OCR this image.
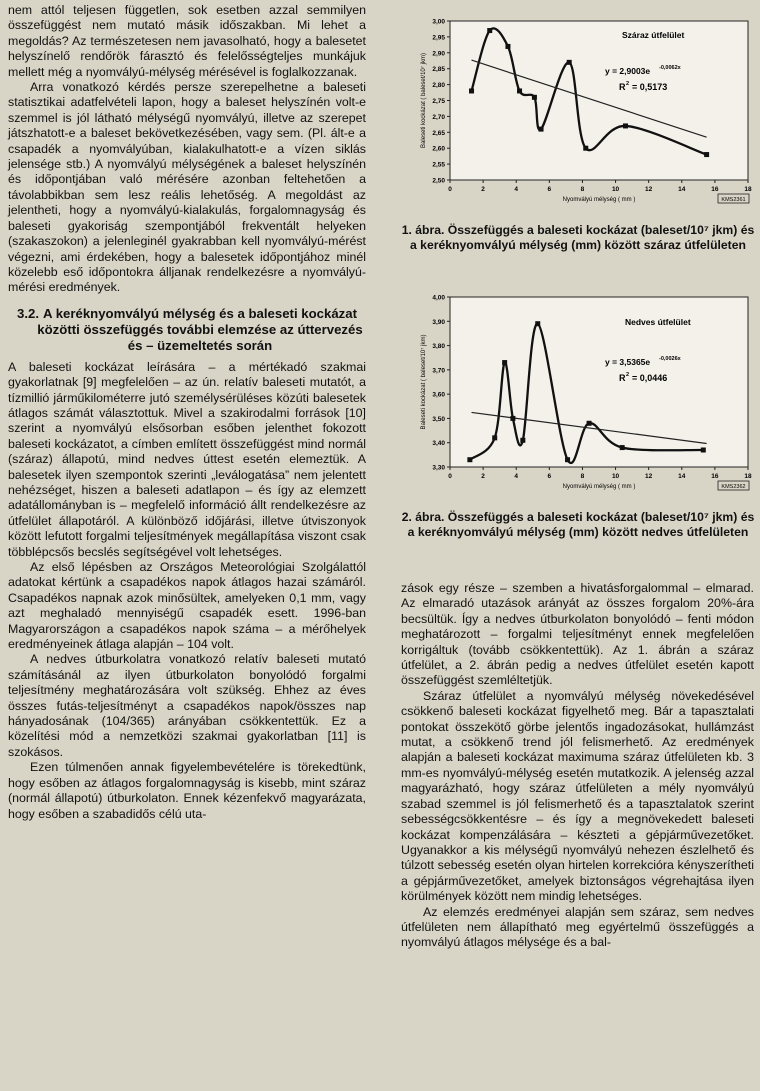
nem attól teljesen független, sok esetben azzal semmilyen összefüggést nem mutató másik időszakban. Mi lehet a megoldás? Az természetesen nem javasolható, hogy a balesetet helyszínelő rendőrök fárasztó és felelősségteljes munkájuk mellett még a nyomvályú-mélység mérésével is foglalkozzanak.

Arra vonatkozó kérdés persze szerepelhetne a baleseti statisztikai adatfelvételi lapon, hogy a baleset helyszínén volt-e szemmel is jól látható mélységű nyomvályú, illetve az szerepet játszhatott-e a baleset bekövetkezésében, vagy sem. (Pl. ált-e a csapadék a nyomvályúban, kialakulhatott-e a vízen siklás jelensége stb.) A nyomvályú mélységének a baleset helyszínén és időpontjában való mérésére azonban feltehetően a távolabbikban sem lesz reális lehetőség. A megoldást az jelentheti, hogy a nyomvályú-kialakulás, forgalomnagyság és baleseti gyakoriság szempontjából frekventált helyeken (szakaszokon) a jelenleginél gyakrabban kell nyomvályú-mérést végezni, ami érdekében, hogy a balesetek időpontjához minél közelebb eső időpontokra álljanak rendelkezésre a nyomvályú-mérési eredmények.

3.2. A keréknyomvályú mélység és a baleseti kockázat közötti összefüggés további elemzése az úttervezés és – üzemeltetés során

A baleseti kockázat leírására – a mértékadó szakmai gyakorlatnak [9] megfelelően – az ún. relatív baleseti mutatót, a tízmillió járműkilométerre jutó személysérüléses közúti balesetek átlagos számát választottuk. Mivel a szakirodalmi források [10] szerint a nyomvályú elsősorban esőben jelenthet fokozott baleseti kockázatot, a címben említett összefüggést mind normál (száraz) állapotú, mind nedves úttest esetén elemeztük. A balesetek ilyen szempontok szerinti „leválogatása” nem jelentett nehézséget, hiszen a baleseti adatlapon – és így az elemzett adatállományban is – megfelelő információ állt rendelkezésre az útfelület állapotáról. A különböző időjárási, illetve útviszonyok között lefutott forgalmi teljesítmények megállapítása viszont csak többlépcsős becslés segítségével volt lehetséges.

Az első lépésben az Országos Meteorológiai Szolgálattól adatokat kértünk a csapadékos napok átlagos hazai számáról. Csapadékos napnak azok minősültek, amelyeken 0,1 mm, vagy azt meghaladó mennyiségű csapadék esett. 1996-ban Magyarországon a csapadékos napok száma – a mérőhelyek eredményeinek átlaga alapján – 104 volt.

A nedves útburkolatra vonatkozó relatív baleseti mutató számításánál az ilyen útburkolaton bonyolódó forgalmi teljesítmény meghatározására volt szükség. Ehhez az éves összes futás-teljesítményt a csapadékos napok/összes nap hányadosának (104/365) arányában csökkentettük. Ez a közelítési mód a nemzetközi szakmai gyakorlatban [11] is szokásos.

Ezen túlmenően annak figyelembevételére is törekedtünk, hogy esőben az átlagos forgalomnagyság is kisebb, mint száraz (normál állapotú) útburkolaton. Ennek kézenfekvő magyarázata, hogy esőben a szabadidős célú uta-

2,50
2,55
2,60
2,65
2,70
2,75
2,80
2,85
2,90
2,95
3,00
0	2	4	6	8	10	12	14	16	18
Nyomvályú mélység ( mm )
Baleseti kockázat ( baleset/10⁷ jkm)
KMS2361
Száraz útfelület
y = 2,9003e -0,0062x
R 2 = 0,5173
1. ábra. Összefüggés a baleseti kockázat (baleset/10⁷ jkm) és a keréknyomvályú mélység (mm) között száraz útfelületen
3,30
3,40
3,50
3,60
3,70
3,80
3,90
4,00
0	2	4	6	8	10	12	14	16	18
Nyomvályú mélység ( mm )
Baleseti kockázat ( baleset/10⁷ jkm)
KMS2362
Nedves útfelület
y = 3,5365e -0,0026x
R 2 = 0,0446
2. ábra. Összefüggés a baleseti kockázat (baleset/10⁷ jkm) és a keréknyomvályú mélység (mm) között nedves útfelületen

zások egy része – szemben a hivatásforgalommal – elmarad. Az elmaradó utazások arányát az összes forgalom 20%-ára becsültük. Így a nedves útburkolaton bonyolódó – fenti módon meghatározott – forgalmi teljesítményt ennek megfelelően korrigáltuk (tovább csökkentettük). Az 1. ábrán a száraz útfelület, a 2. ábrán pedig a nedves útfelület esetén kapott összefüggést szemléltetjük.

Száraz útfelület a nyomvályú mélység növekedésével csökkenő baleseti kockázat figyelhető meg. Bár a tapasztalati pontokat összekötő görbe jelentős ingadozásokat, hullámzást mutat, a csökkenő trend jól felismerhető. Az eredmények alapján a baleseti kockázat maximuma száraz útfelületen kb. 3 mm-es nyomvályú-mélység esetén mutatkozik. A jelenség azzal magyarázható, hogy száraz útfelületen a mély nyomvályú szabad szemmel is jól felismerhető és a tapasztalatok szerint sebességcsökkentésre – és így a megnövekedett baleseti kockázat kompenzálására – készteti a gépjárművezetőket. Ugyanakkor a kis mélységű nyomvályú nehezen észlelhető és túlzott sebesség esetén olyan hirtelen korrekcióra kényszerítheti a gépjárművezetőket, amelyek biztonságos végrehajtása ilyen körülmények között nem mindig lehetséges.

Az elemzés eredményei alapján sem száraz, sem nedves útfelületen nem állapítható meg egyértelmű összefüggés a nyomvályú átlagos mélysége és a bal-
